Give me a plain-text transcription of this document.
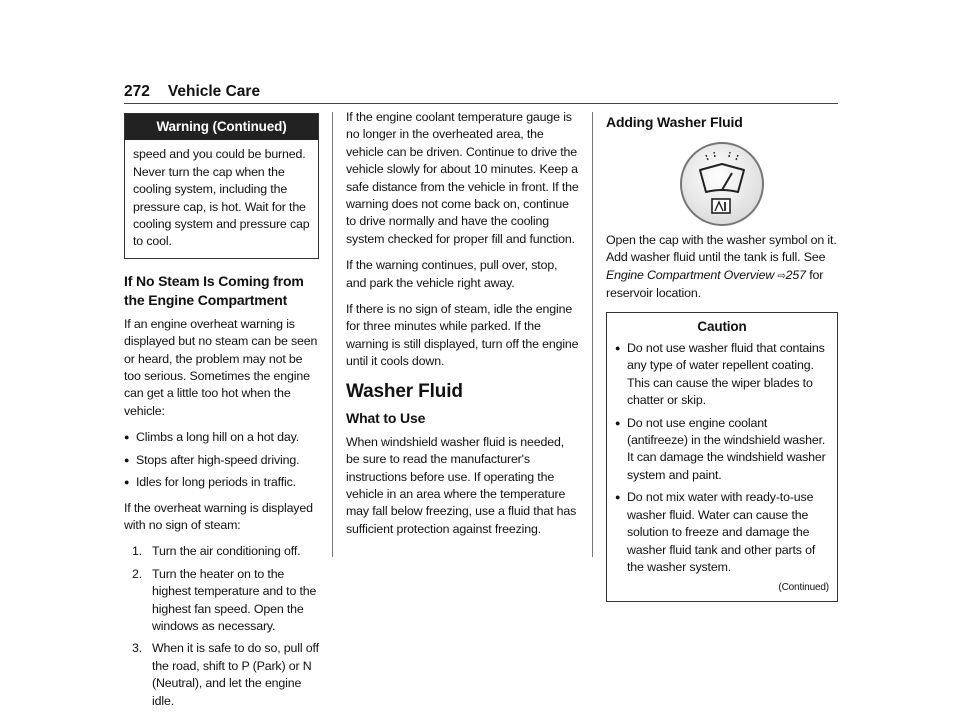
272 Vehicle Care
Warning (Continued)
speed and you could be burned. Never turn the cap when the cooling system, including the pressure cap, is hot. Wait for the cooling system and pressure cap to cool.
If No Steam Is Coming from the Engine Compartment

If an engine overheat warning is displayed but no steam can be seen or heard, the problem may not be too serious. Sometimes the engine can get a little too hot when the vehicle:

● Climbs a long hill on a hot day.
● Stops after high-speed driving.
● Idles for long periods in traffic.

If the overheat warning is displayed with no sign of steam:

1. Turn the air conditioning off.
2. Turn the heater on to the highest temperature and to the highest fan speed. Open the windows as necessary.
3. When it is safe to do so, pull off the road, shift to P (Park) or N (Neutral), and let the engine idle.

If the engine coolant temperature gauge is no longer in the overheated area, the vehicle can be driven. Continue to drive the vehicle slowly for about 10 minutes. Keep a safe distance from the vehicle in front. If the warning does not come back on, continue to drive normally and have the cooling system checked for proper fill and function.

If the warning continues, pull over, stop, and park the vehicle right away.

If there is no sign of steam, idle the engine for three minutes while parked. If the warning is still displayed, turn off the engine until it cools down.

Washer Fluid
What to Use

When windshield washer fluid is needed, be sure to read the manufacturer's instructions before use. If operating the vehicle in an area where the temperature may fall below freezing, use a fluid that has sufficient protection against freezing.

Adding Washer Fluid

Open the cap with the washer symbol on it. Add washer fluid until the tank is full. See Engine Compartment Overview ⇨257 for reservoir location.

Caution
● Do not use washer fluid that contains any type of water repellent coating. This can cause the wiper blades to chatter or skip.
● Do not use engine coolant (antifreeze) in the windshield washer. It can damage the windshield washer system and paint.
● Do not mix water with ready-to-use washer fluid. Water can cause the solution to freeze and damage the washer fluid tank and other parts of the washer system.
(Continued)
